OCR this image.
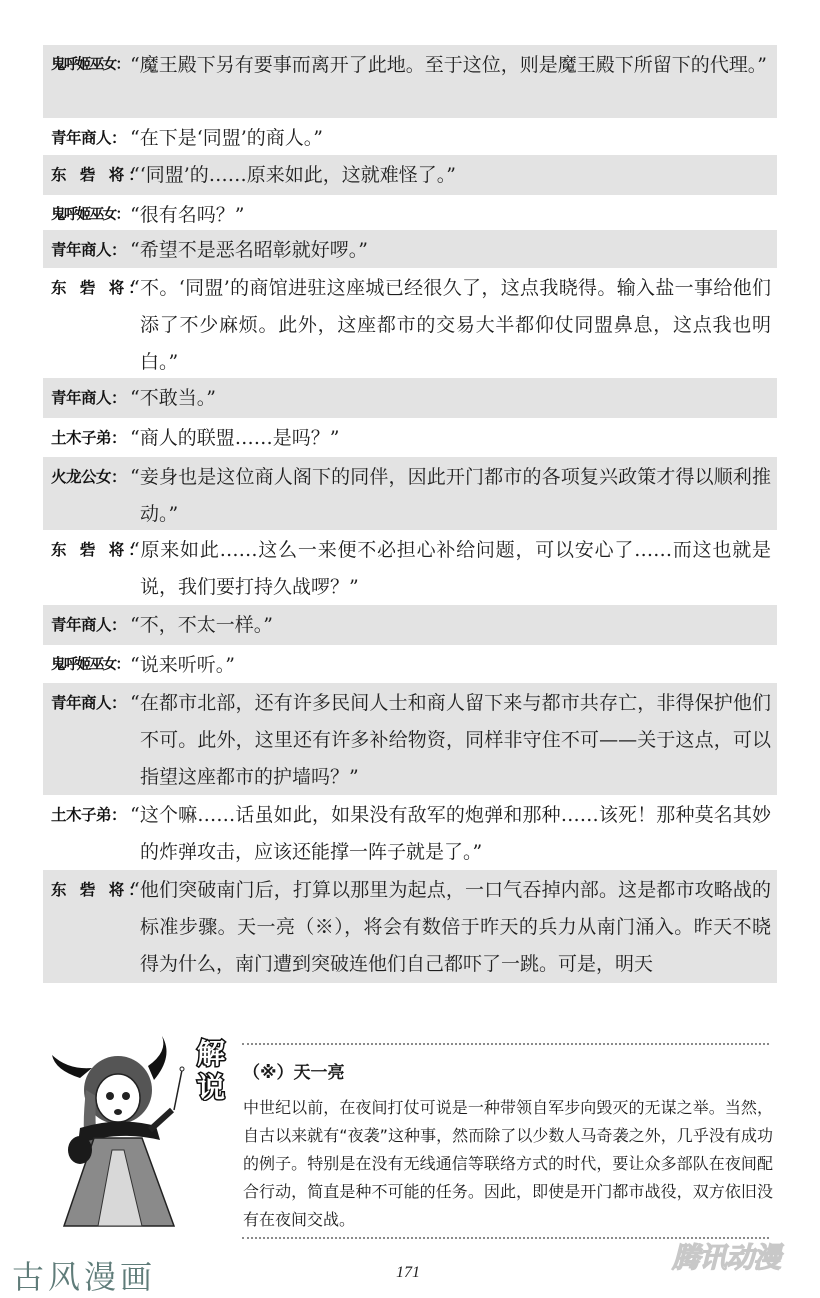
鬼呼姬巫女： “魔王殿下另有要事而离开了此地。至于这位，则是魔王殿下所留下的代理。”
青年商人： “在下是‘同盟’的商人。”
东 砦 将：
“‘同盟’的……原来如此，这就难怪了。”
鬼呼姬巫女： “很有名吗？”
青年商人： “希望不是恶名昭彰就好啰。”
东 砦 将：
“不。‘同盟’的商馆进驻这座城已经很久了，这点我晓得。输入盐一事给他们添了不少麻烦。此外，这座都市的交易大半都仰仗同盟鼻息，这点我也明白。”
青年商人： “不敢当。”
土木子弟： “商人的联盟……是吗？”
火龙公女： “妾身也是这位商人阁下的同伴，因此开门都市的各项复兴政策才得以顺利推动。”
东 砦 将：
“原来如此……这么一来便不必担心补给问题，可以安心了……而这也就是说，我们要打持久战啰？”
青年商人： “不，不太一样。”
鬼呼姬巫女： “说来听听。”
青年商人： “在都市北部，还有许多民间人士和商人留下来与都市共存亡，非得保护他们不可。此外，这里还有许多补给物资，同样非守住不可——关于这点，可以指望这座都市的护墙吗？”
土木子弟： “这个嘛……话虽如此，如果没有敌军的炮弹和那种……该死！那种莫名其妙的炸弹攻击，应该还能撑一阵子就是了。”
东 砦 将：
“他们突破南门后，打算以那里为起点，一口气吞掉内部。这是都市攻略战的标准步骤。天一亮（※），将会有数倍于昨天的兵力从南门涌入。昨天不晓得为什么，南门遭到突破连他们自己都吓了一跳。可是，明天
解
说 （※）天一亮
中世纪以前，在夜间打仗可说是一种带领自军步向毁灭的无谋之举。当然，自古以来就有“夜袭”这种事，然而除了以少数人马奇袭之外，几乎没有成功的例子。特别是在没有无线通信等联络方式的时代，要让众多部队在夜间配合行动，简直是种不可能的任务。因此，即使是开门都市战役，双方依旧没有在夜间交战。
古风漫画	171	腾讯动漫
